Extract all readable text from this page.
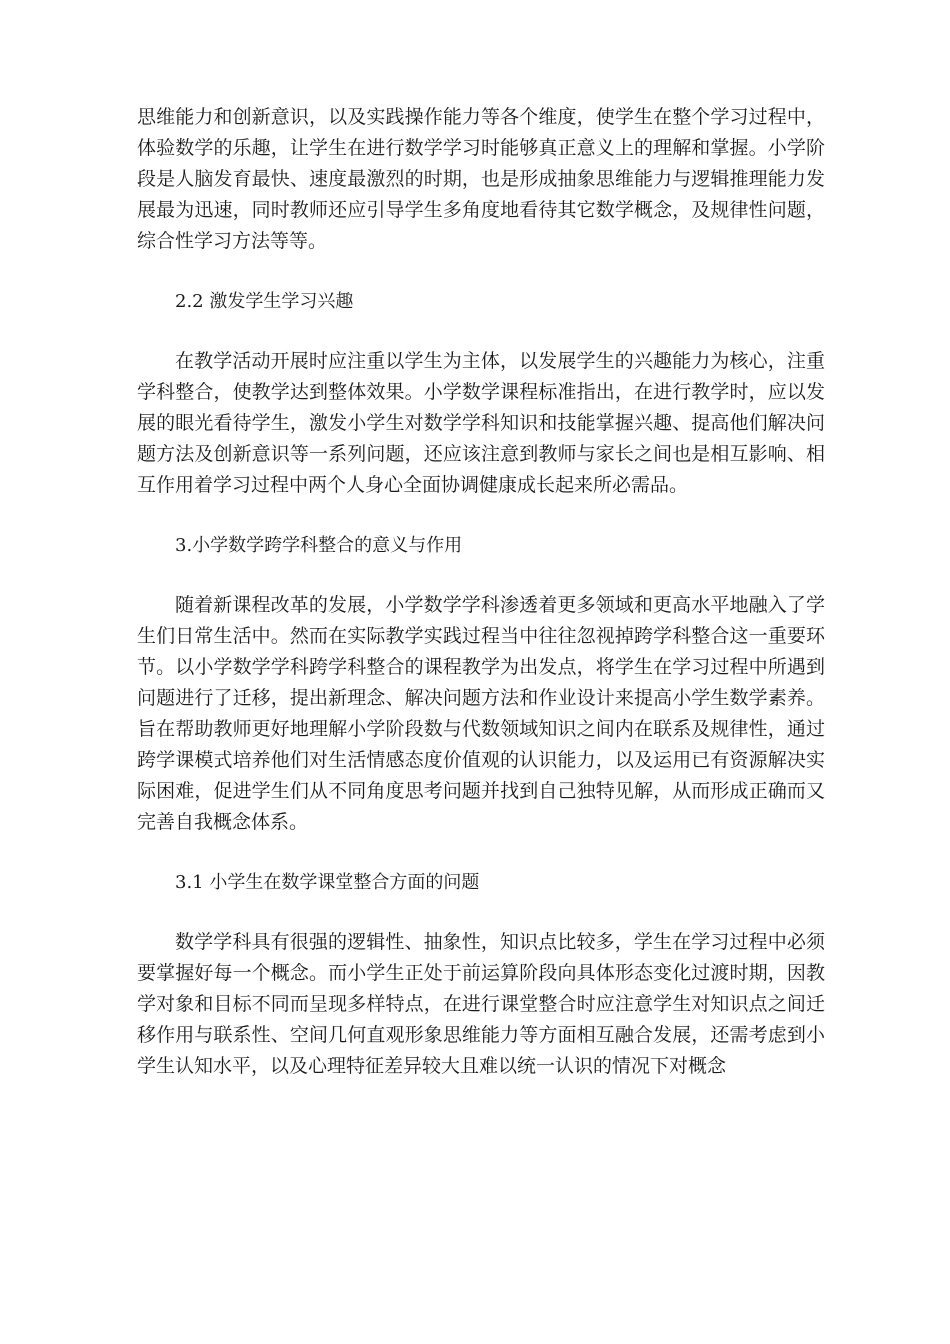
思维能力和创新意识，以及实践操作能力等各个维度，使学生在整个学习过程中，体验数学的乐趣，让学生在进行数学学习时能够真正意义上的理解和掌握。小学阶段是人脑发育最快、速度最激烈的时期，也是形成抽象思维能力与逻辑推理能力发展最为迅速，同时教师还应引导学生多角度地看待其它数学概念，及规律性问题，综合性学习方法等等。

2.2 激发学生学习兴趣

在教学活动开展时应注重以学生为主体，以发展学生的兴趣能力为核心，注重学科整合，使教学达到整体效果。小学数学课程标准指出，在进行教学时，应以发展的眼光看待学生，激发小学生对数学学科知识和技能掌握兴趣、提高他们解决问题方法及创新意识等一系列问题，还应该注意到教师与家长之间也是相互影响、相互作用着学习过程中两个人身心全面协调健康成长起来所必需品。

3.小学数学跨学科整合的意义与作用

随着新课程改革的发展，小学数学学科渗透着更多领域和更高水平地融入了学生们日常生活中。然而在实际教学实践过程当中往往忽视掉跨学科整合这一重要环节。以小学数学学科跨学科整合的课程教学为出发点，将学生在学习过程中所遇到问题进行了迁移，提出新理念、解决问题方法和作业设计来提高小学生数学素养。旨在帮助教师更好地理解小学阶段数与代数领域知识之间内在联系及规律性，通过跨学课模式培养他们对生活情感态度价值观的认识能力，以及运用已有资源解决实际困难，促进学生们从不同角度思考问题并找到自己独特见解，从而形成正确而又完善自我概念体系。

3.1 小学生在数学课堂整合方面的问题

数学学科具有很强的逻辑性、抽象性，知识点比较多，学生在学习过程中必须要掌握好每一个概念。而小学生正处于前运算阶段向具体形态变化过渡时期，因教学对象和目标不同而呈现多样特点，在进行课堂整合时应注意学生对知识点之间迁移作用与联系性、空间几何直观形象思维能力等方面相互融合发展，还需考虑到小学生认知水平，以及心理特征差异较大且难以统一认识的情况下对概念
